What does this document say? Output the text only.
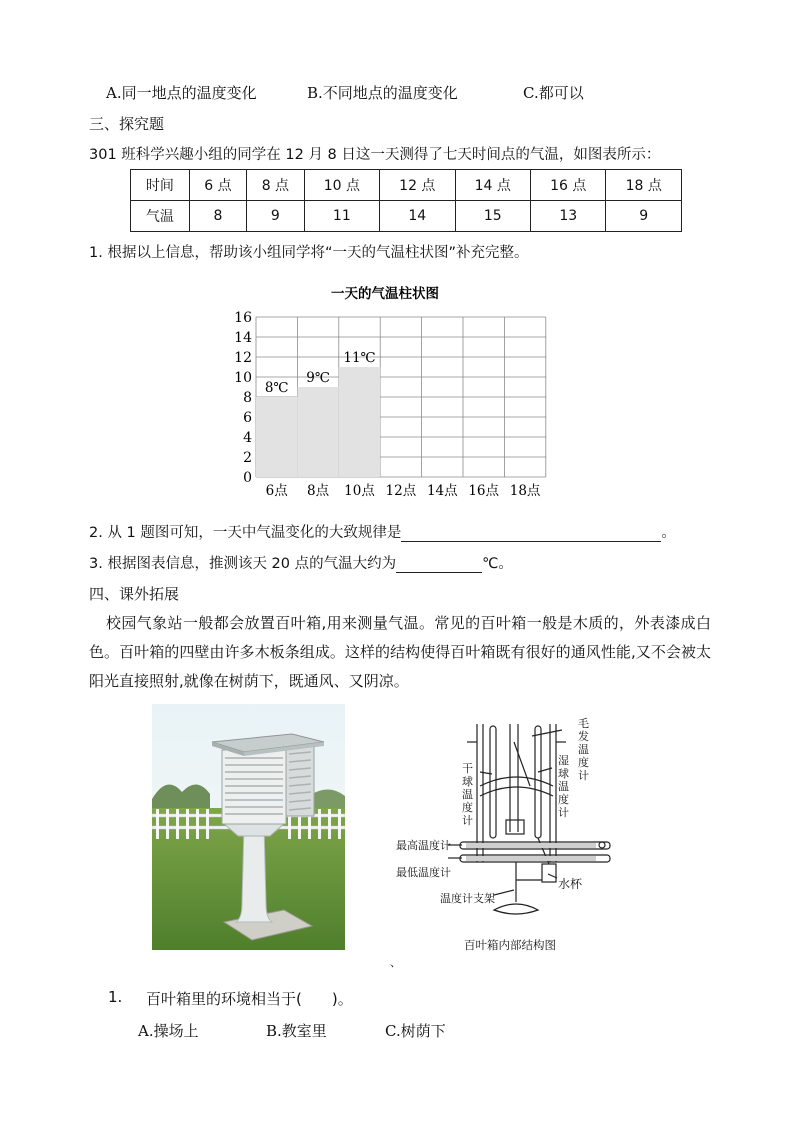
A.同一地点的温度变化	B.不同地点的温度变化	C.都可以
三、探究题
301 班科学兴趣小组的同学在 12 月 8 日这一天测得了七天时间点的气温，如图表所示：
时间	6 点	8 点	10 点	12 点	14 点	16 点	18 点
气温	8	9	11	14	15	13	9
1. 根据以上信息，帮助该小组同学将“一天的气温柱状图”补充完整。
一天的气温柱状图
0
2
4
6
8
10
12
14
16
6点 8点 10点 12点 14点 16点 18点
8℃
9℃
11℃
2. 从 1 题图可知，一天中气温变化的大致规律是	。
3. 根据图表信息，推测该天 20 点的气温大约为	℃。
四、课外拓展
校园气象站一般都会放置百叶箱,用来测量气温。常见的百叶箱一般是木质的，外表漆成白色。百叶箱的四壁由许多木板条组成。这样的结构使得百叶箱既有很好的通风性能,又不会被太阳光直接照射,就像在树荫下，既通风、又阴凉。
毛发温度计
湿球温度计
干球温度计
最高温度计
最低温度计
水杯
温度计支架
百叶箱内部结构图
、
1. 百叶箱里的环境相当于(　　)。
A.操场上	B.教室里	C.树荫下
